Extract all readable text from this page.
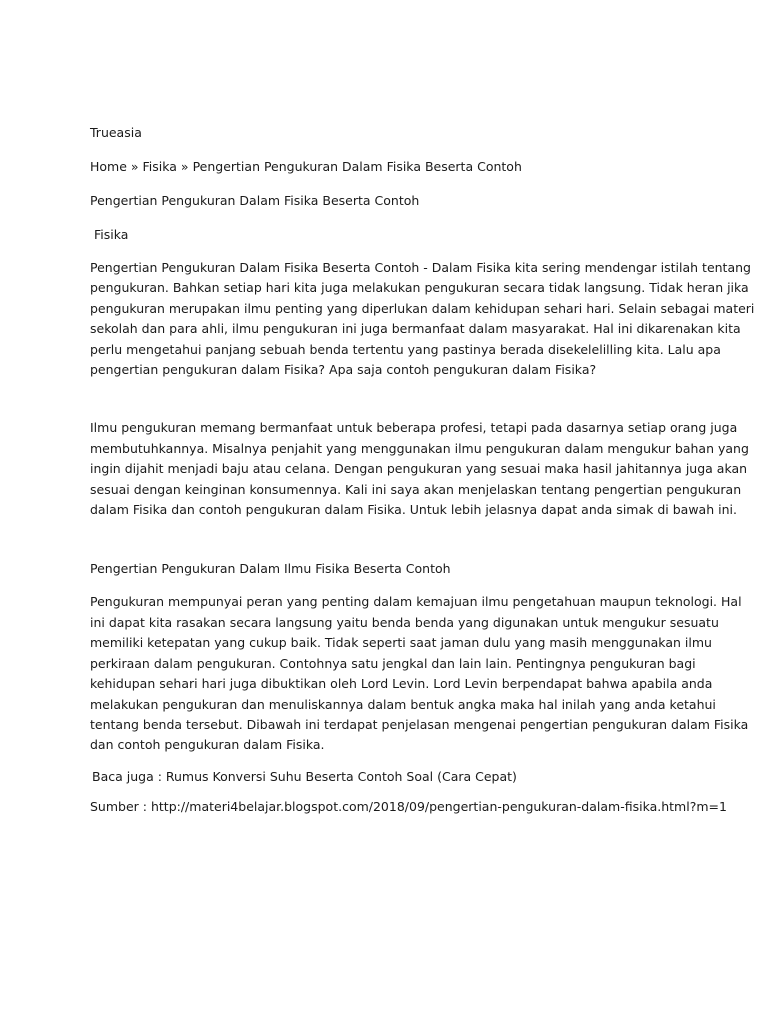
Trueasia

Home » Fisika » Pengertian Pengukuran Dalam Fisika Beserta Contoh

Pengertian Pengukuran Dalam Fisika Beserta Contoh

Fisika

Pengertian Pengukuran Dalam Fisika Beserta Contoh - Dalam Fisika kita sering mendengar istilah tentang
pengukuran. Bahkan setiap hari kita juga melakukan pengukuran secara tidak langsung. Tidak heran jika
pengukuran merupakan ilmu penting yang diperlukan dalam kehidupan sehari hari. Selain sebagai materi
sekolah dan para ahli, ilmu pengukuran ini juga bermanfaat dalam masyarakat. Hal ini dikarenakan kita
perlu mengetahui panjang sebuah benda tertentu yang pastinya berada disekelelilling kita. Lalu apa
pengertian pengukuran dalam Fisika? Apa saja contoh pengukuran dalam Fisika?

Ilmu pengukuran memang bermanfaat untuk beberapa profesi, tetapi pada dasarnya setiap orang juga
membutuhkannya. Misalnya penjahit yang menggunakan ilmu pengukuran dalam mengukur bahan yang
ingin dijahit menjadi baju atau celana. Dengan pengukuran yang sesuai maka hasil jahitannya juga akan
sesuai dengan keinginan konsumennya. Kali ini saya akan menjelaskan tentang pengertian pengukuran
dalam Fisika dan contoh pengukuran dalam Fisika. Untuk lebih jelasnya dapat anda simak di bawah ini.

Pengertian Pengukuran Dalam Ilmu Fisika Beserta Contoh

Pengukuran mempunyai peran yang penting dalam kemajuan ilmu pengetahuan maupun teknologi. Hal
ini dapat kita rasakan secara langsung yaitu benda benda yang digunakan untuk mengukur sesuatu
memiliki ketepatan yang cukup baik. Tidak seperti saat jaman dulu yang masih menggunakan ilmu
perkiraan dalam pengukuran. Contohnya satu jengkal dan lain lain. Pentingnya pengukuran bagi
kehidupan sehari hari juga dibuktikan oleh Lord Levin. Lord Levin berpendapat bahwa apabila anda
melakukan pengukuran dan menuliskannya dalam bentuk angka maka hal inilah yang anda ketahui
tentang benda tersebut. Dibawah ini terdapat penjelasan mengenai pengertian pengukuran dalam Fisika
dan contoh pengukuran dalam Fisika.

Baca juga : Rumus Konversi Suhu Beserta Contoh Soal (Cara Cepat)

Sumber : http://materi4belajar.blogspot.com/2018/09/pengertian-pengukuran-dalam-fisika.html?m=1
